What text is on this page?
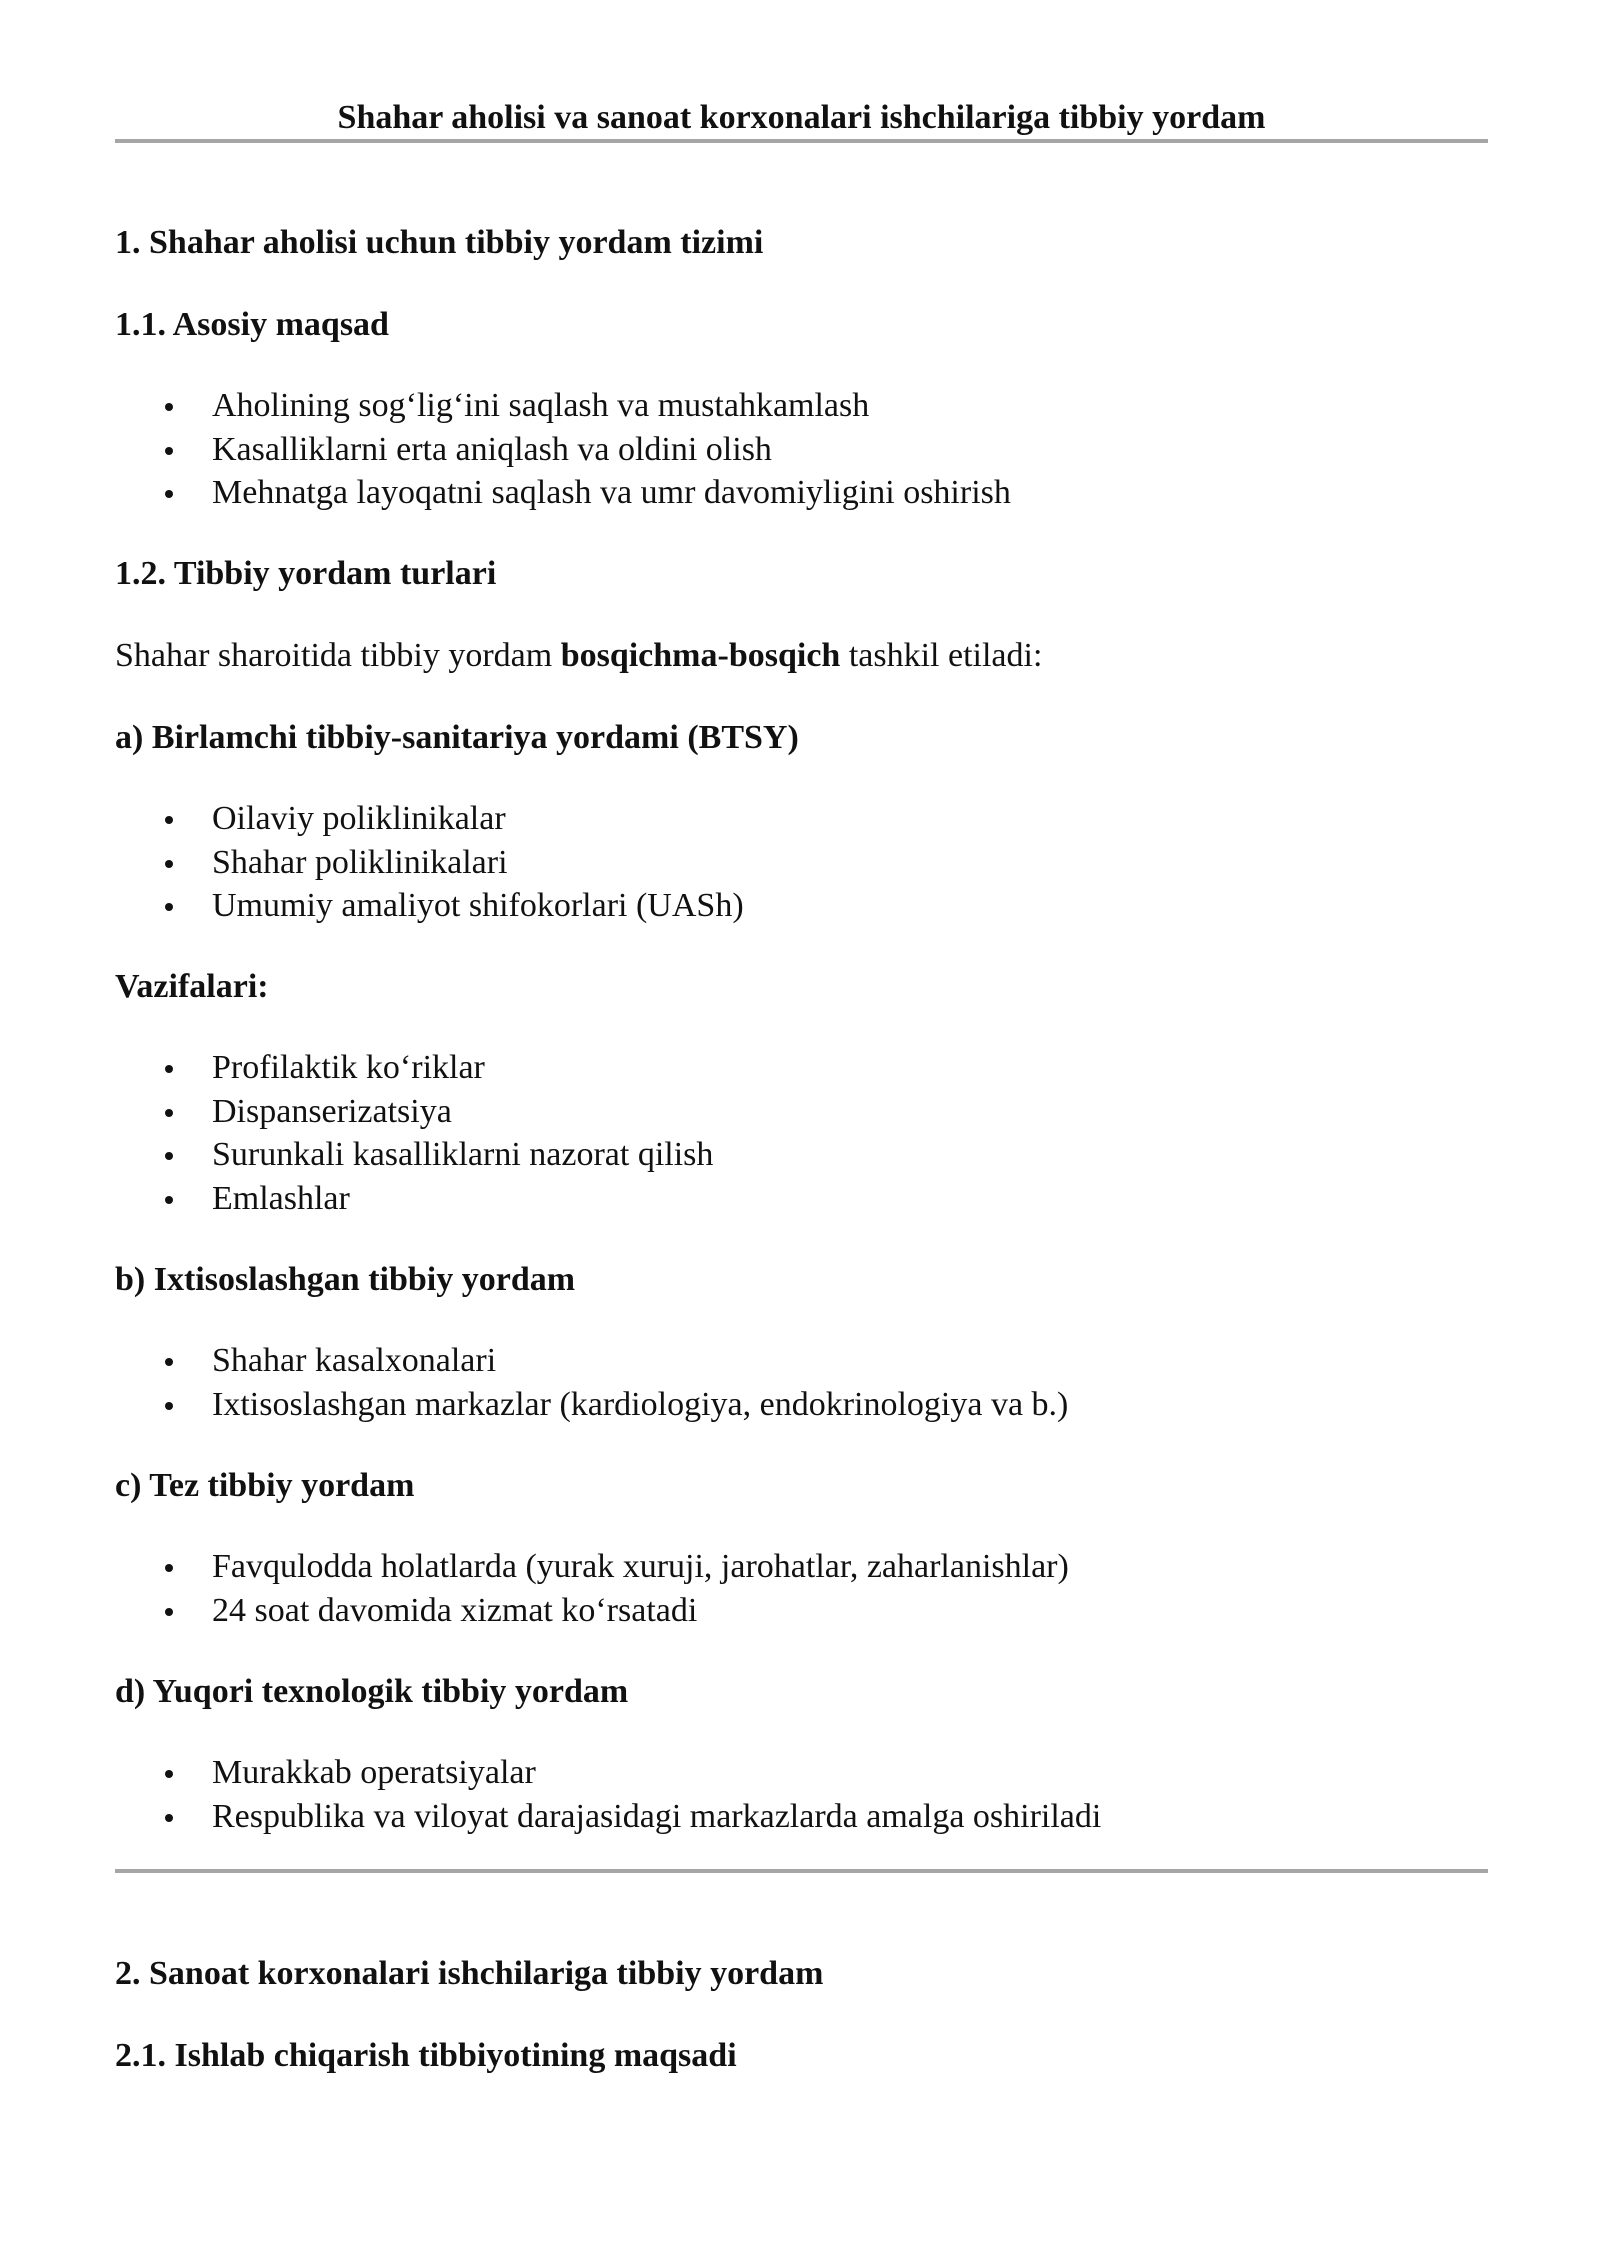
Shahar aholisi va sanoat korxonalari ishchilariga tibbiy yordam
1. Shahar aholisi uchun tibbiy yordam tizimi
1.1. Asosiy maqsad
Aholining sog‘lig‘ini saqlash va mustahkamlash
Kasalliklarni erta aniqlash va oldini olish
Mehnatga layoqatni saqlash va umr davomiyligini oshirish
1.2. Tibbiy yordam turlari

Shahar sharoitida tibbiy yordam bosqichma-bosqich tashkil etiladi:

a) Birlamchi tibbiy-sanitariya yordami (BTSY)
Oilaviy poliklinikalar
Shahar poliklinikalari
Umumiy amaliyot shifokorlari (UASh)
Vazifalari:
Profilaktik ko‘riklar
Dispanserizatsiya
Surunkali kasalliklarni nazorat qilish
Emlashlar
b) Ixtisoslashgan tibbiy yordam
Shahar kasalxonalari
Ixtisoslashgan markazlar (kardiologiya, endokrinologiya va b.)
c) Tez tibbiy yordam
Favqulodda holatlarda (yurak xuruji, jarohatlar, zaharlanishlar)
24 soat davomida xizmat ko‘rsatadi
d) Yuqori texnologik tibbiy yordam
Murakkab operatsiyalar
Respublika va viloyat darajasidagi markazlarda amalga oshiriladi
2. Sanoat korxonalari ishchilariga tibbiy yordam
2.1. Ishlab chiqarish tibbiyotining maqsadi
